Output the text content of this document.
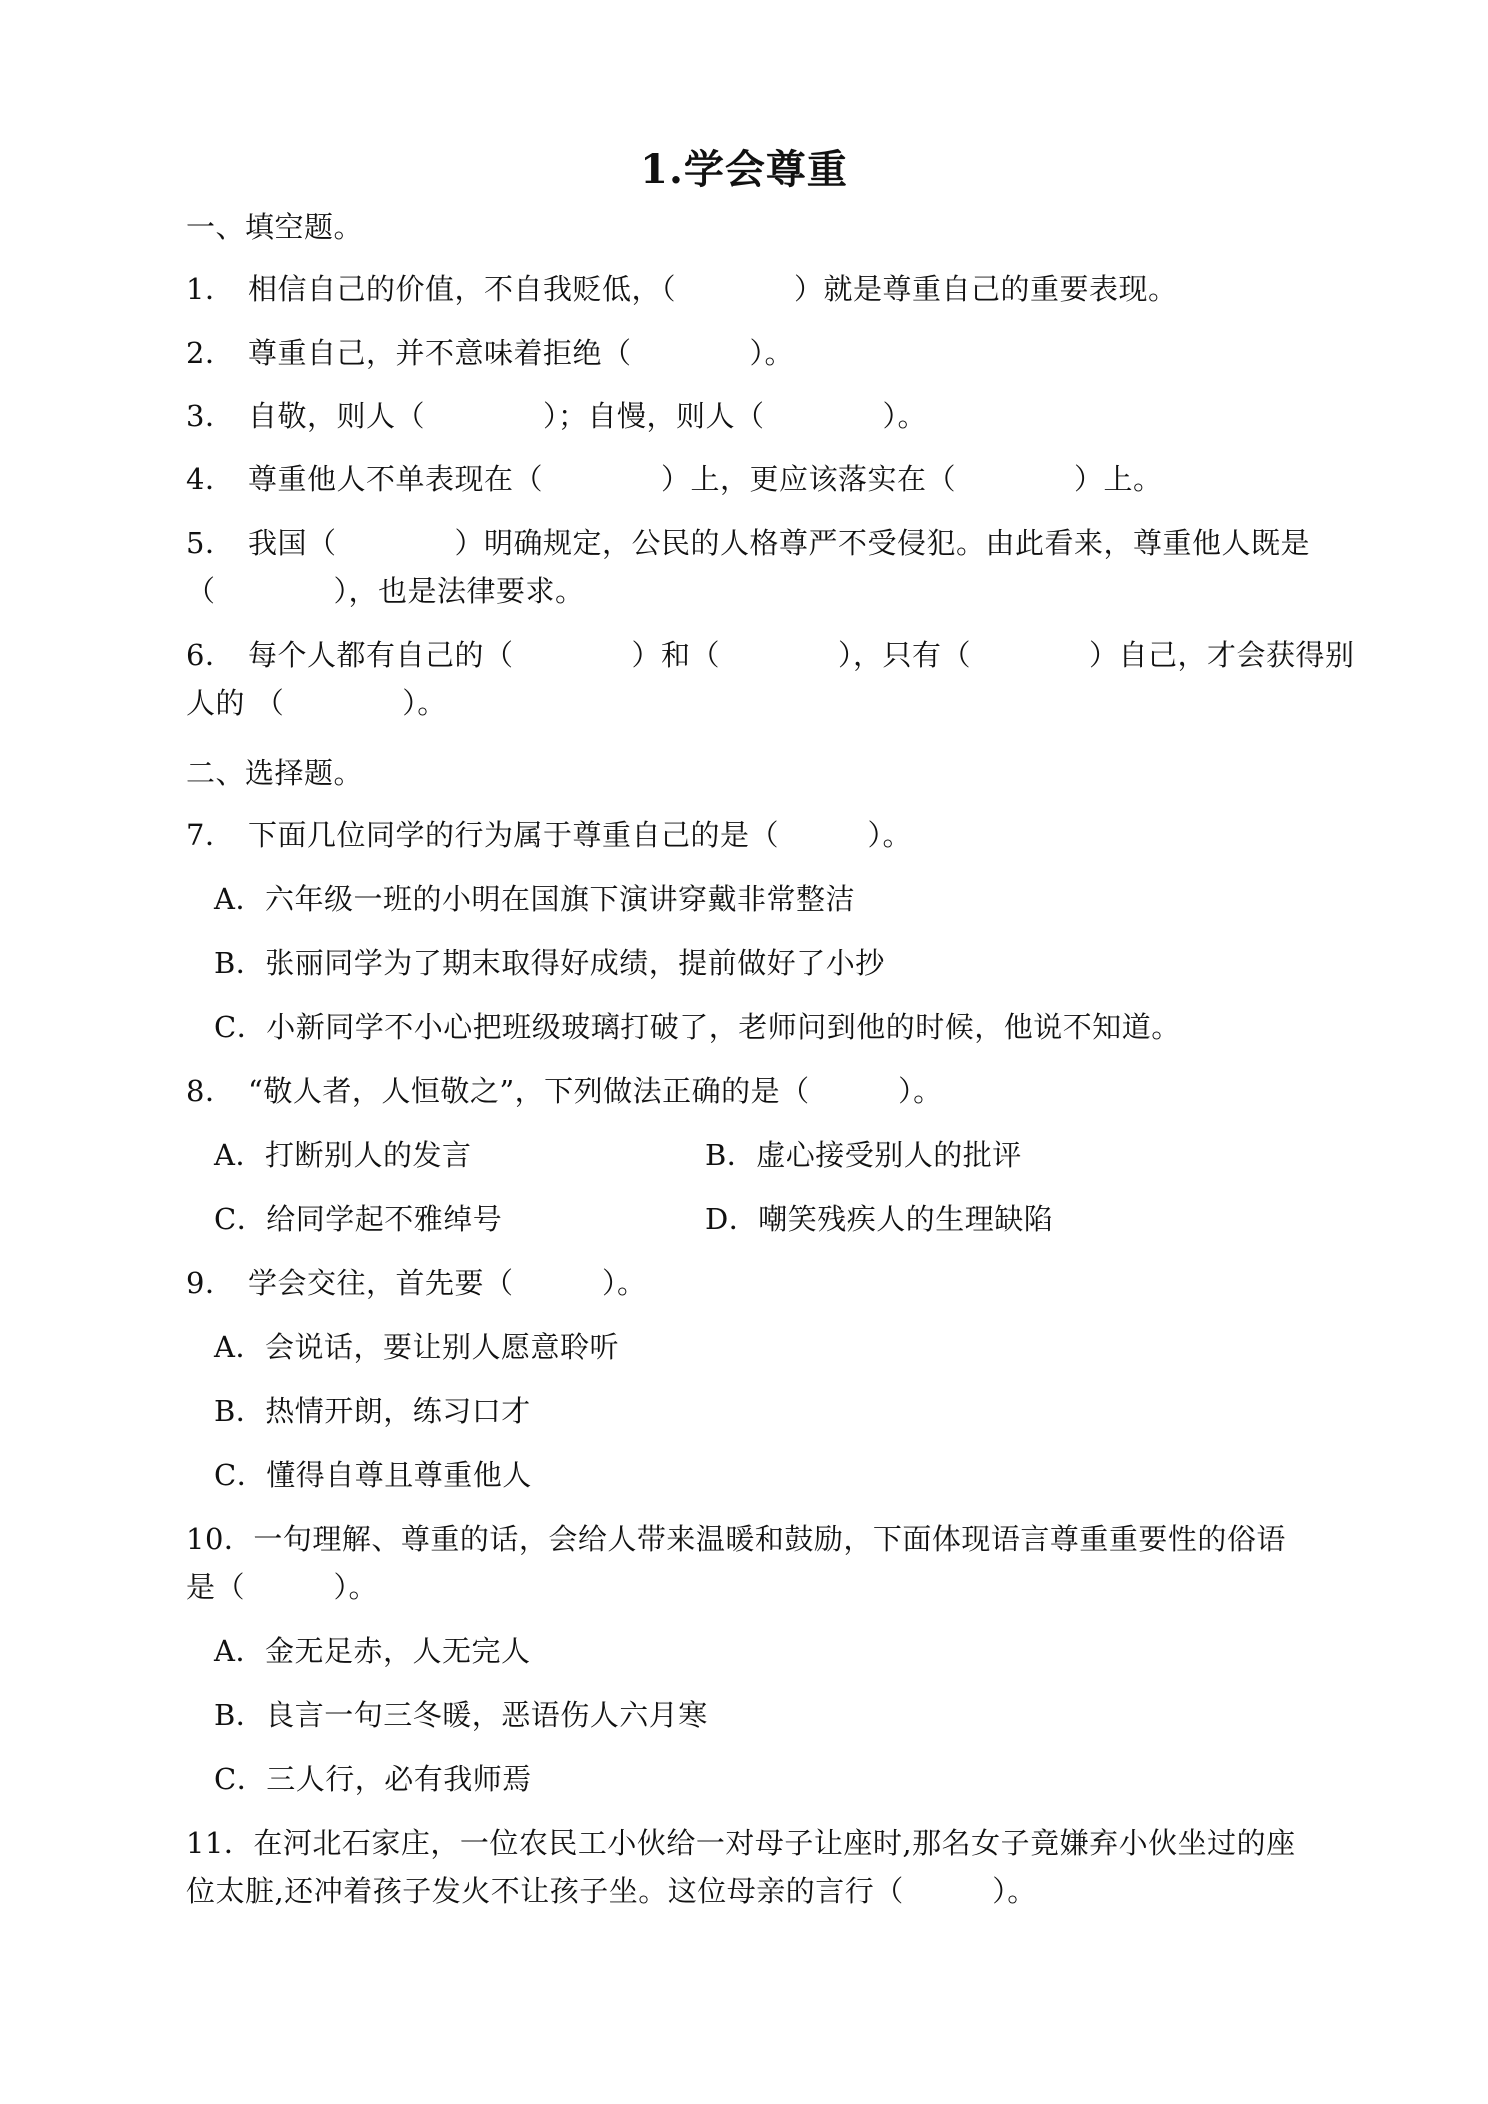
1.学会尊重
一、填空题。
1． 相信自己的价值，不自我贬低，（　　　　）就是尊重自己的重要表现。
2． 尊重自己，并不意味着拒绝（　　　　）。
3． 自敬，则人（　　　　）；自慢，则人（　　　　）。
4． 尊重他人不单表现在（　　　　）上，更应该落实在（　　　　）上。
5． 我国（　　　　）明确规定，公民的人格尊严不受侵犯。由此看来，尊重他人既是
（　　　　），也是法律要求。
6． 每个人都有自己的（　　　　）和（　　　　），只有（　　　　）自己，才会获得别
人的 （　　　　）。
二、选择题。
7． 下面几位同学的行为属于尊重自己的是（　　　）。
A．六年级一班的小明在国旗下演讲穿戴非常整洁
B．张丽同学为了期末取得好成绩，提前做好了小抄
C．小新同学不小心把班级玻璃打破了，老师问到他的时候，他说不知道。
8． “敬人者，人恒敬之”，下列做法正确的是（　　　）。
A．打断别人的发言	B．虚心接受别人的批评
C．给同学起不雅绰号	D．嘲笑残疾人的生理缺陷
9． 学会交往，首先要（　　　）。
A．会说话，要让别人愿意聆听
B．热情开朗，练习口才
C．懂得自尊且尊重他人
10．一句理解、尊重的话，会给人带来温暖和鼓励，下面体现语言尊重重要性的俗语
是（　　　）。
A．金无足赤，人无完人
B．良言一句三冬暖，恶语伤人六月寒
C．三人行，必有我师焉
11．在河北石家庄，一位农民工小伙给一对母子让座时,那名女子竟嫌弃小伙坐过的座
位太脏,还冲着孩子发火不让孩子坐。这位母亲的言行（　　　）。
